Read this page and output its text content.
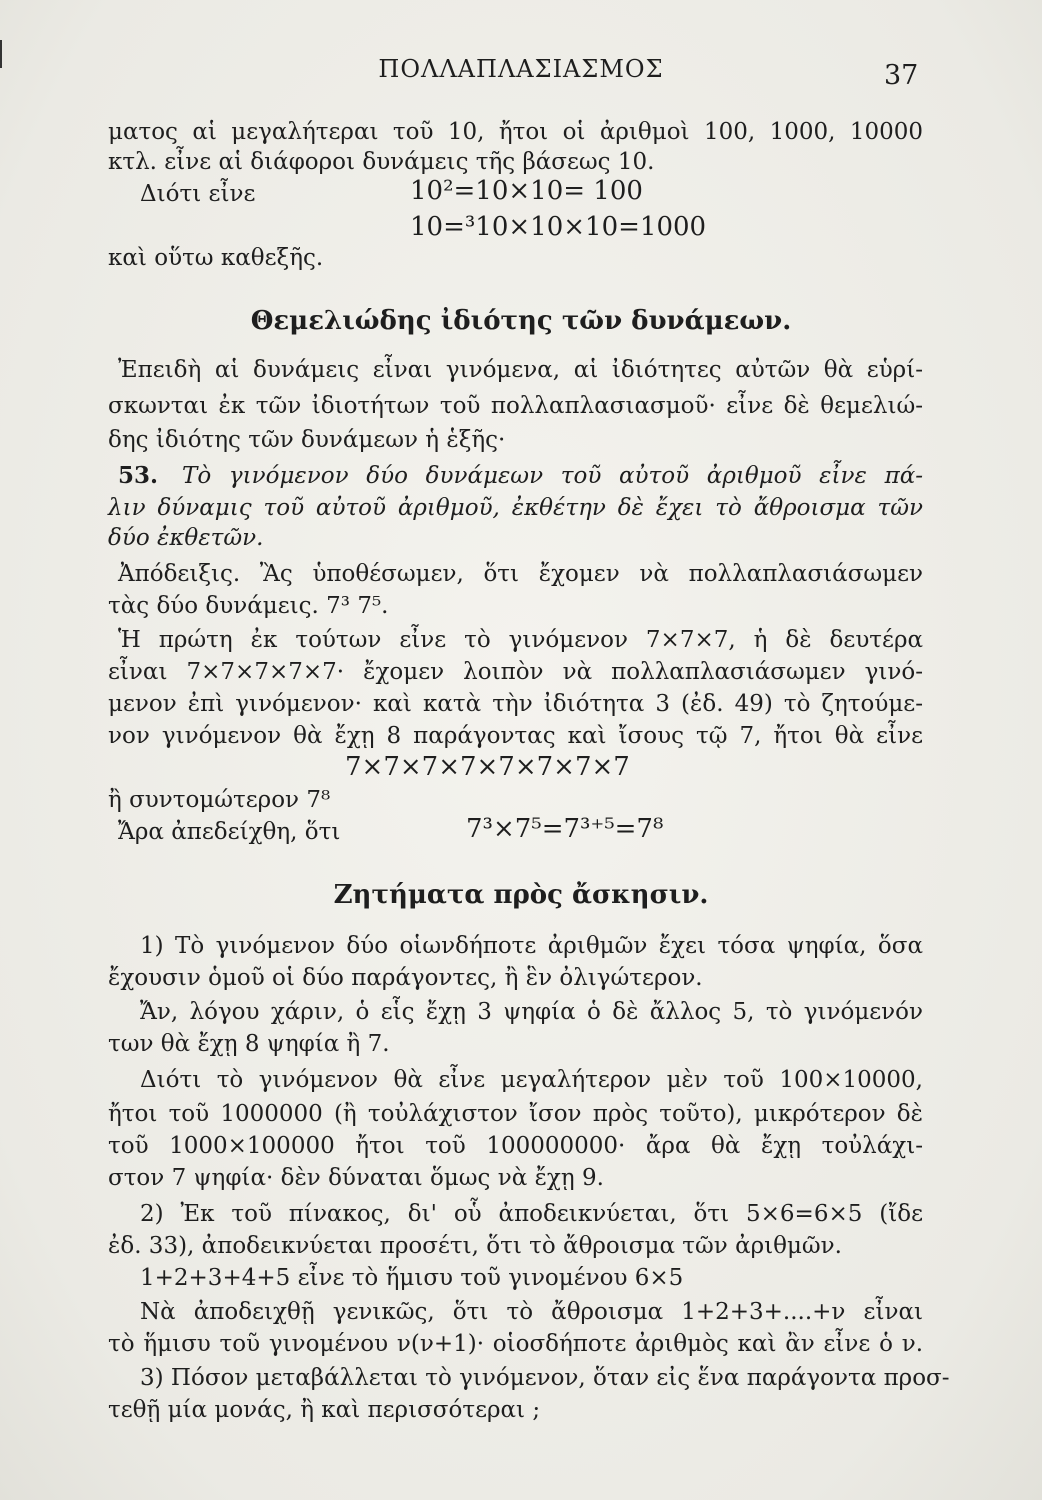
ΠΟΛΛΑΠΛΑΣΙΑΣΜΟΣ	37
ματος αἱ μεγαλήτεραι τοῦ 10, ἤτοι οἱ ἀριθμοὶ 100, 1000, 10000
κτλ. εἶνε αἱ διάφοροι δυνάμεις τῆς βάσεως 10.
Διότι εἶνε	10²=10×10= 100
10=³10×10×10=1000
καὶ οὕτω καθεξῆς.
Θεμελιώδης ἰδιότης τῶν δυνάμεων.
Ἐπειδὴ αἱ δυνάμεις εἶναι γινόμενα, αἱ ἰδιότητες αὐτῶν θὰ εὑρί-
σκωνται ἐκ τῶν ἰδιοτήτων τοῦ πολλαπλασιασμοῦ· εἶνε δὲ θεμελιώ-
δης ἰδιότης τῶν δυνάμεων ἡ ἑξῆς·
53.	Τὸ γινόμενον δύο δυνάμεων τοῦ αὐτοῦ ἀριθμοῦ εἶνε πά-
λιν δύναμις τοῦ αὐτοῦ ἀριθμοῦ, ἐκθέτην δὲ ἔχει τὸ ἄθροισμα τῶν
δύο ἐκθετῶν.
Ἀπόδειξις. Ἂς ὑποθέσωμεν, ὅτι ἔχομεν νὰ πολλαπλασιάσωμεν
τὰς δύο δυνάμεις. 7³ 7⁵.
Ἡ πρώτη ἐκ τούτων εἶνε τὸ γινόμενον 7×7×7, ἡ δὲ δευτέρα
εἶναι 7×7×7×7×7· ἔχομεν λοιπὸν νὰ πολλαπλασιάσωμεν γινό-
μενον ἐπὶ γινόμενον· καὶ κατὰ τὴν ἰδιότητα 3 (ἐδ. 49) τὸ ζητούμε-
νον γινόμενον θὰ ἔχῃ 8 παράγοντας καὶ ἴσους τῷ 7, ἤτοι θὰ εἶνε
7×7×7×7×7×7×7×7
ἢ συντομώτερον 7⁸
Ἄρα ἀπεδείχθη, ὅτι	7³×7⁵=7³⁺⁵=7⁸
Ζητήματα πρὸς ἄσκησιν.
1) Τὸ γινόμενον δύο οἱωνδήποτε ἀριθμῶν ἔχει τόσα ψηφία, ὅσα
ἔχουσιν ὁμοῦ οἱ δύο παράγοντες, ἢ ἓν ὀλιγώτερον.
Ἄν, λόγου χάριν, ὁ εἷς ἔχῃ 3 ψηφία ὁ δὲ ἄλλος 5, τὸ γινόμενόν
των θὰ ἔχῃ 8 ψηφία ἢ 7.
Διότι τὸ γινόμενον θὰ εἶνε μεγαλήτερον μὲν τοῦ 100×10000,
ἤτοι τοῦ 1000000 (ἢ τοὐλάχιστον ἴσον πρὸς τοῦτο), μικρότερον δὲ
τοῦ 1000×100000 ἤτοι τοῦ 100000000· ἄρα θὰ ἔχῃ τοὐλάχι-
στον 7 ψηφία· δὲν δύναται ὅμως νὰ ἔχῃ 9.
2) Ἐκ τοῦ πίνακος, δι' οὗ ἀποδεικνύεται, ὅτι 5×6=6×5 (ἴδε
ἐδ. 33), ἀποδεικνύεται προσέτι, ὅτι τὸ ἄθροισμα τῶν ἀριθμῶν.
1+2+3+4+5 εἶνε τὸ ἥμισυ τοῦ γινομένου 6×5
Νὰ ἀποδειχθῇ γενικῶς, ὅτι τὸ ἄθροισμα 1+2+3+....+ν εἶναι
τὸ ἥμισυ τοῦ γινομένου ν(ν+1)· οἱοσδήποτε ἀριθμὸς καὶ ἂν εἶνε ὁ ν.
3) Πόσον μεταβάλλεται τὸ γινόμενον, ὅταν εἰς ἕνα παράγοντα προσ-
τεθῇ μία μονάς, ἢ καὶ περισσότεραι ;
